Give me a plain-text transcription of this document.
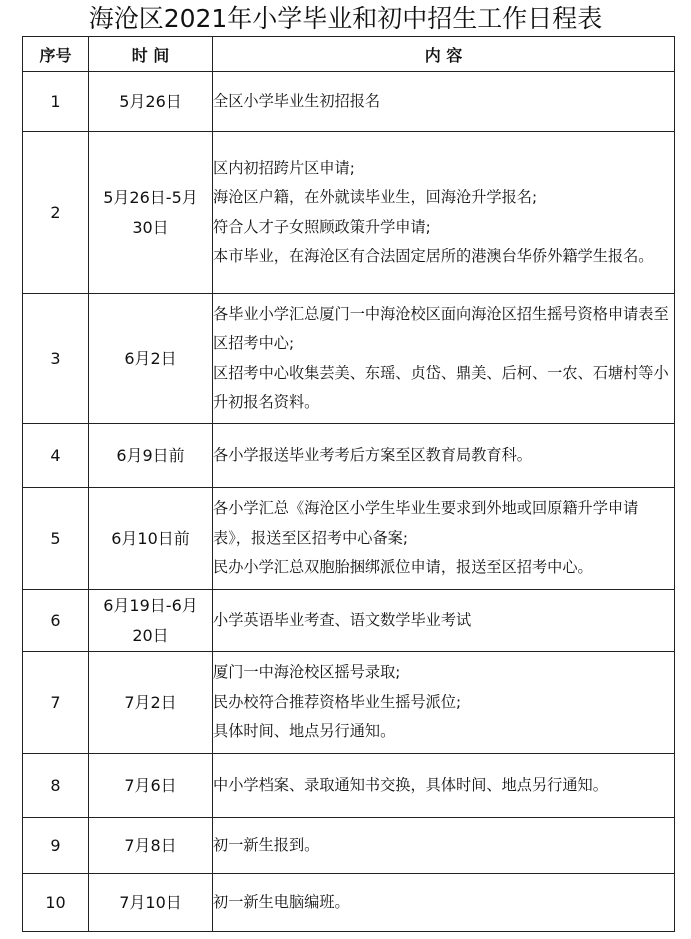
海沧区2021年小学毕业和初中招生工作日程表
序号	时 间	内 容
1	5月26日	全区小学毕业生初招报名

2	5月26日-5月30日	区内初招跨片区申请;
海沧区户籍，在外就读毕业生，回海沧升学报名;
符合人才子女照顾政策升学申请;
本市毕业，在海沧区有合法固定居所的港澳台华侨外籍学生报名。

3	6月2日	各毕业小学汇总厦门一中海沧校区面向海沧区招生摇号资格申请表至区招考中心;
区招考中心收集芸美、东瑶、贞岱、鼎美、后柯、一农、石塘村等小升初报名资料。

4	6月9日前	各小学报送毕业考考后方案至区教育局教育科。

5	6月10日前	各小学汇总《海沧区小学生毕业生要求到外地或回原籍升学申请表》，报送至区招考中心备案;
民办小学汇总双胞胎捆绑派位申请，报送至区招考中心。

6	6月19日-6月20日	小学英语毕业考查、语文数学毕业考试

7	7月2日	厦门一中海沧校区摇号录取;
民办校符合推荐资格毕业生摇号派位;
具体时间、地点另行通知。

8	7月6日	中小学档案、录取通知书交换，具体时间、地点另行通知。

9	7月8日	初一新生报到。

10	7月10日	初一新生电脑编班。
